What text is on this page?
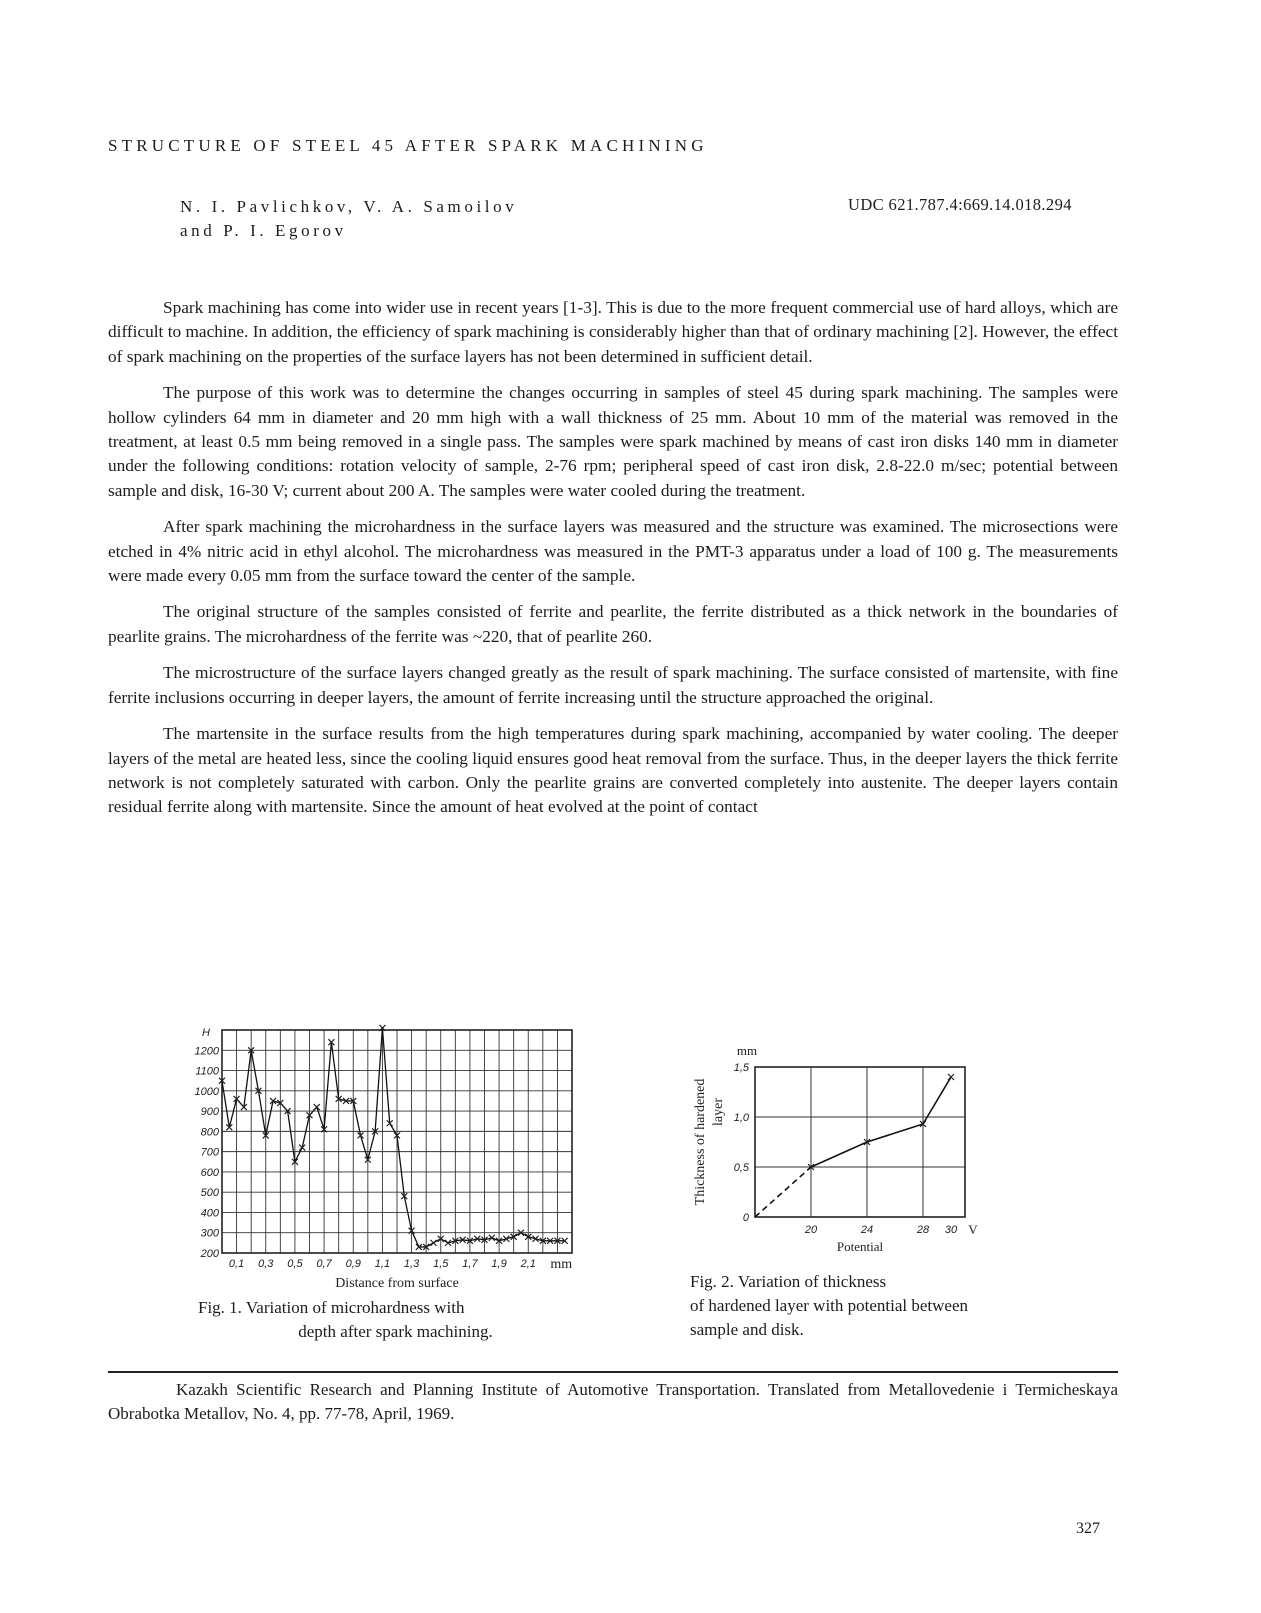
STRUCTURE OF STEEL 45 AFTER SPARK MACHINING
N. I. Pavlichkov, V. A. Samoilov
and P. I. Egorov
UDC 621.787.4:669.14.018.294

Spark machining has come into wider use in recent years [1-3]. This is due to the more frequent commercial use of hard alloys, which are difficult to machine. In addition, the efficiency of spark machining is considerably higher than that of ordinary machining [2]. However, the effect of spark machining on the properties of the surface layers has not been determined in sufficient detail.

The purpose of this work was to determine the changes occurring in samples of steel 45 during spark machining. The samples were hollow cylinders 64 mm in diameter and 20 mm high with a wall thickness of 25 mm. About 10 mm of the material was removed in the treatment, at least 0.5 mm being removed in a single pass. The samples were spark machined by means of cast iron disks 140 mm in diameter under the following conditions: rotation velocity of sample, 2-76 rpm; peripheral speed of cast iron disk, 2.8-22.0 m/sec; potential between sample and disk, 16-30 V; current about 200 A. The samples were water cooled during the treatment.

After spark machining the microhardness in the surface layers was measured and the structure was examined. The microsections were etched in 4% nitric acid in ethyl alcohol. The microhardness was measured in the PMT-3 apparatus under a load of 100 g. The measurements were made every 0.05 mm from the surface toward the center of the sample.

The original structure of the samples consisted of ferrite and pearlite, the ferrite distributed as a thick network in the boundaries of pearlite grains. The microhardness of the ferrite was ~220, that of pearlite 260.

The microstructure of the surface layers changed greatly as the result of spark machining. The surface consisted of martensite, with fine ferrite inclusions occurring in deeper layers, the amount of ferrite increasing until the structure approached the original.

The martensite in the surface results from the high temperatures during spark machining, accompanied by water cooling. The deeper layers of the metal are heated less, since the cooling liquid ensures good heat removal from the surface. Thus, in the deeper layers the thick ferrite network is not completely saturated with carbon. Only the pearlite grains are converted completely into austenite. The deeper layers contain residual ferrite along with martensite. Since the amount of heat evolved at the point of contact

200
300
400
500
600
700
800
900
1000
1100
1200
H
0,1 0,3 0,5 0,7 0,9 1,1 1,3 1,5 1,7 1,9 2,1 mm
Distance from surface
Fig. 1. Variation of microhardness with
depth after spark machining.
0
0,5
1,0
1,5
mm
Thickness of hardened layer
20	24	28 30 V
Potential
Fig. 2. Variation of thickness
of hardened layer with potential between sample and disk.

Kazakh Scientific Research and Planning Institute of Automotive Transportation. Translated from Metallovedenie i Termicheskaya Obrabotka Metallov, No. 4, pp. 77-78, April, 1969.

327
